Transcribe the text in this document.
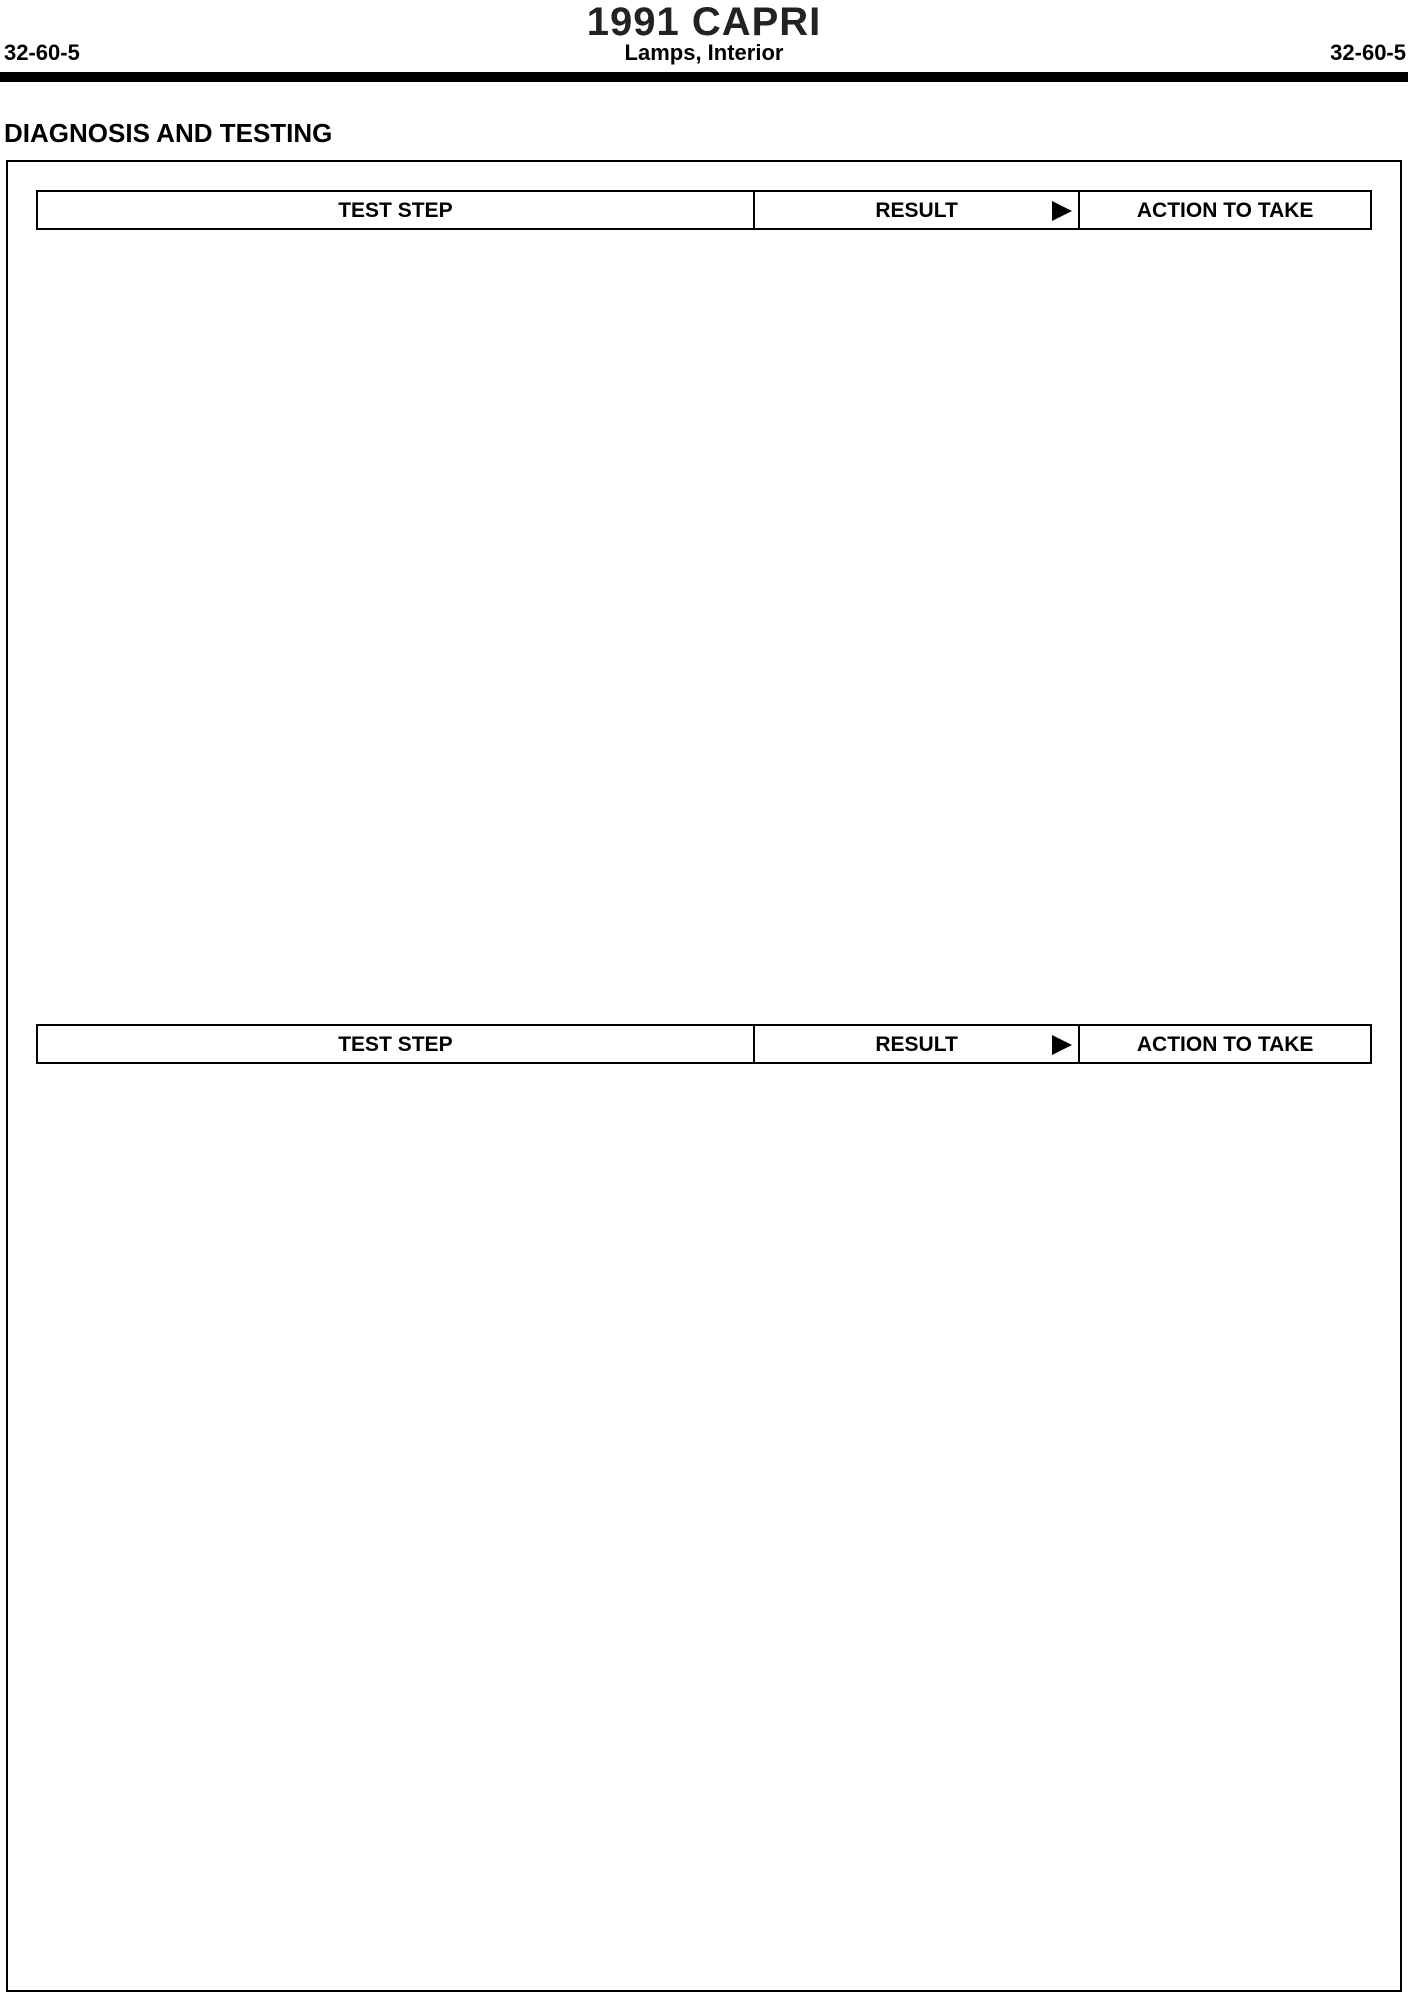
32-60-5
1991 CAPRI
Lamps, Interior	32-60-5
DIAGNOSIS AND TESTING
TEST STEP	RESULT	ACTION TO TAKE
TEST STEP	RESULT	ACTION TO TAKE
